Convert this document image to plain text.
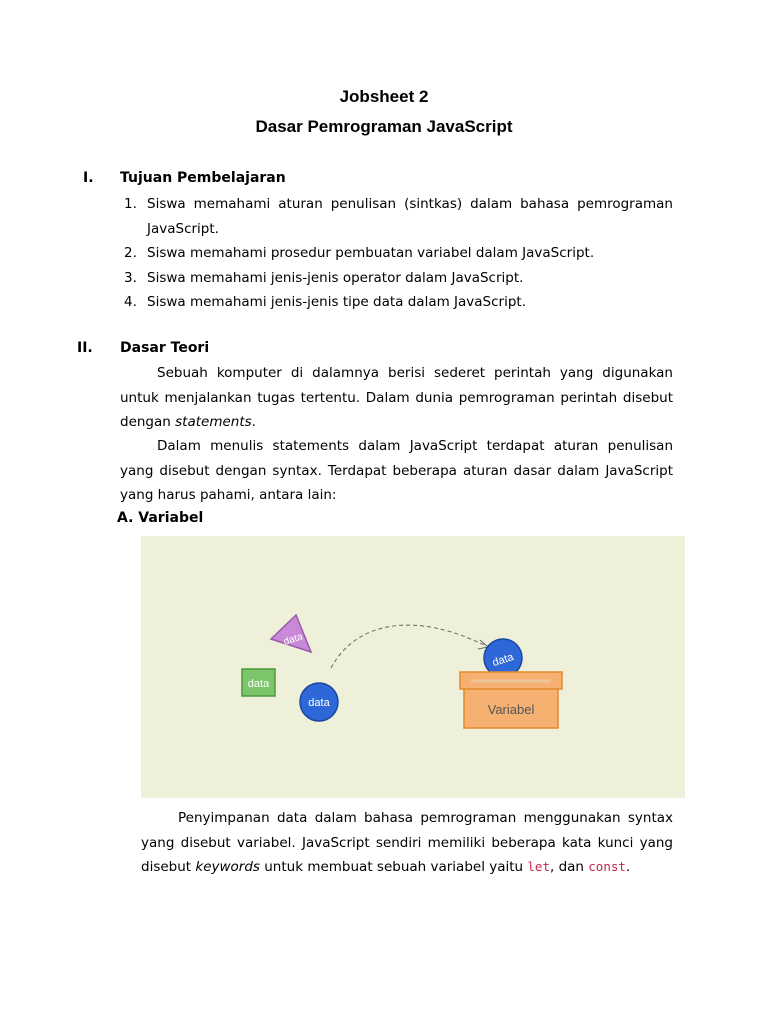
Jobsheet 2
Dasar Pemrograman JavaScript

I. Tujuan Pembelajaran

1. Siswa memahami aturan penulisan (sintkas) dalam bahasa pemrograman JavaScript.
2. Siswa memahami prosedur pembuatan variabel dalam JavaScript.
3. Siswa memahami jenis-jenis operator dalam JavaScript.
4. Siswa memahami jenis-jenis tipe data dalam JavaScript.

II. Dasar Teori

Sebuah komputer di dalamnya berisi sederet perintah yang digunakan untuk menjalankan tugas tertentu. Dalam dunia pemrograman perintah disebut dengan statements.

Dalam menulis statements dalam JavaScript terdapat aturan penulisan yang disebut dengan syntax. Terdapat beberapa aturan dasar dalam JavaScript yang harus pahami, antara lain:

A. Variabel

data
data
data
data
Variabel

Penyimpanan data dalam bahasa pemrograman menggunakan syntax yang disebut variabel. JavaScript sendiri memiliki beberapa kata kunci yang disebut keywords untuk membuat sebuah variabel yaitu let, dan const.
